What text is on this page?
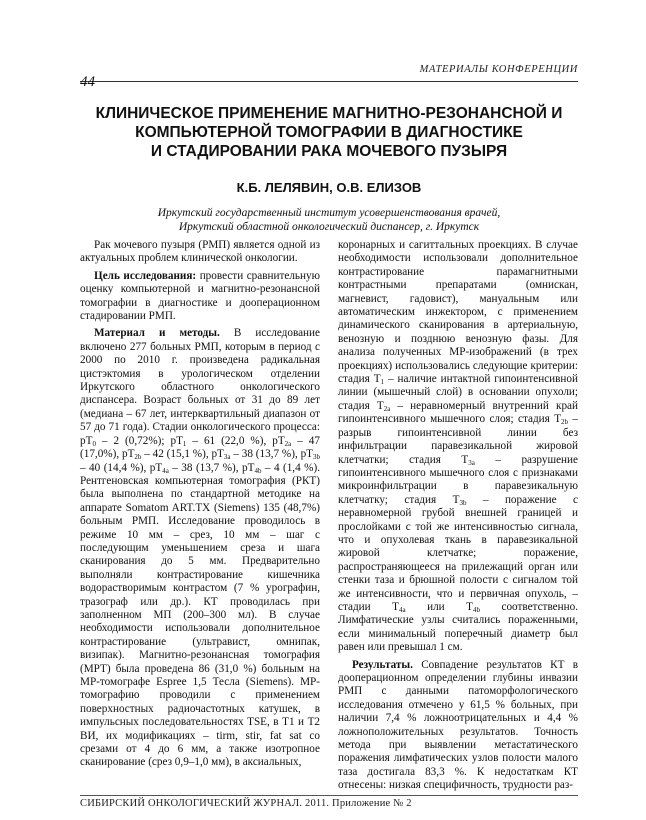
МАТЕРИАЛЫ КОНФЕРЕНЦИИ
44
КЛИНИЧЕСКОЕ ПРИМЕНЕНИЕ МАГНИТНО-РЕЗОНАНСНОЙ И
КОМПЬЮТЕРНОЙ ТОМОГРАФИИ В ДИАГНОСТИКЕ
И СТАДИРОВАНИИ РАКА МОЧЕВОГО ПУЗЫРЯ
К.Б. ЛЕЛЯВИН, О.В. ЕЛИЗОВ
Иркутский государственный институт усовершенствования врачей,
Иркутский областной онкологический диспансер, г. Иркутск

Рак мочевого пузыря (РМП) является одной из актуальных проблем клинической онкологии.

Цель исследования: провести сравнительную оценку компьютерной и магнитно-резонансной томографии в диагностике и дооперационном стадировании РМП.

Материал и методы. В исследование включено 277 больных РМП, которым в период с 2000 по 2010 г. произведена радикальная цистэктомия в урологическом отделении Иркутского областного онкологического диспансера. Возраст больных от 31 до 89 лет (медиана – 67 лет, интерквартильный диапазон от 57 до 71 года). Стадии онкологического процесса: $pT_0 - 2$ (0,72%); $pT_1 - 61$ (22,0 %), $pT_{2a} - 47$ (17,0%), $pT_{2b} - 42$ (15,1 %), $pT_{3a} - 38$ (13,7 %), $pT_{3b} - 40$ (14,4 %), $pT_{4a} - 38$ (13,7 %), $pT_{4b} - 4$ (1,4 %). Рентгеновская компьютерная томография (РКТ) была выполнена по стандартной методике на аппарате Somatom ART.TX (Siemens) 135 (48,7%) больным РМП. Исследование проводилось в режиме 10 мм – срез, 10 мм – шаг с последующим уменьшением среза и шага сканирования до 5 мм. Предварительно выполняли контрастирование кишечника водорастворимым контрастом (7 % урографин, тразограф или др.). КТ проводилась при заполненном МП (200–300 мл). В случае необходимости использовали дополнительное контрастирование (ультравист, омнипак, визипак). Магнитно-резонансная томография (МРТ) была проведена 86 (31,0 %) больным на МР-томографе Espree 1,5 Тесла (Siemens). МР-томографию проводили с применением поверхностных радиочастотных катушек, в импульсных последовательностях TSE, в T1 и T2 ВИ, их модификациях – tirm, stir, fat sat со срезами от 4 до 6 мм, а также изотропное сканирование (срез 0,9–1,0 мм), в аксиальных,

коронарных и сагиттальных проекциях. В случае необходимости использовали дополнительное контрастирование парамагнитными контрастными препаратами (омнискан, магневист, гадовист), мануальным или автоматическим инжектором, с применением динамического сканирования в артериальную, венозную и позднюю венозную фазы. Для анализа полученных МР-изображений (в трех проекциях) использовались следующие критерии: стадия $T_1$ – наличие интактной гипоинтенсивной линии (мышечный слой) в основании опухоли; стадия $T_{2a}$ – неравномерный внутренний край гипоинтенсивного мышечного слоя; стадия $T_{2b}$ – разрыв гипоинтенсивной линии без инфильтрации паравезикальной жировой клетчатки; стадия $T_{3a}$ – разрушение гипоинтенсивного мышечного слоя с признаками микроинфильтрации в паравезикальную клетчатку; стадия $T_{3b}$ – поражение с неравномерной грубой внешней границей и прослойками с той же интенсивностью сигнала, что и опухолевая ткань в паравезикальной жировой клетчатке; поражение, распространяющееся на прилежащий орган или стенки таза и брюшной полости с сигналом той же интенсивности, что и первичная опухоль, – стадии $T_{4a}$ или $T_{4b}$ соответственно. Лимфатические узлы считались пораженными, если минимальный поперечный диаметр был равен или превышал 1 см.

Результаты. Совпадение результатов КТ в дооперационном определении глубины инвазии РМП с данными патоморфологического исследования отмечено у 61,5 % больных, при наличии 7,4 % ложноотрицательных и 4,4 % ложноположительных результатов. Точность метода при выявлении метастатического поражения лимфатических узлов полости малого таза достигала 83,3 %. К недостаткам КТ отнесены: низкая специфичность, трудности раз-

СИБИРСКИЙ ОНКОЛОГИЧЕСКИЙ ЖУРНАЛ. 2011. Приложение № 2
